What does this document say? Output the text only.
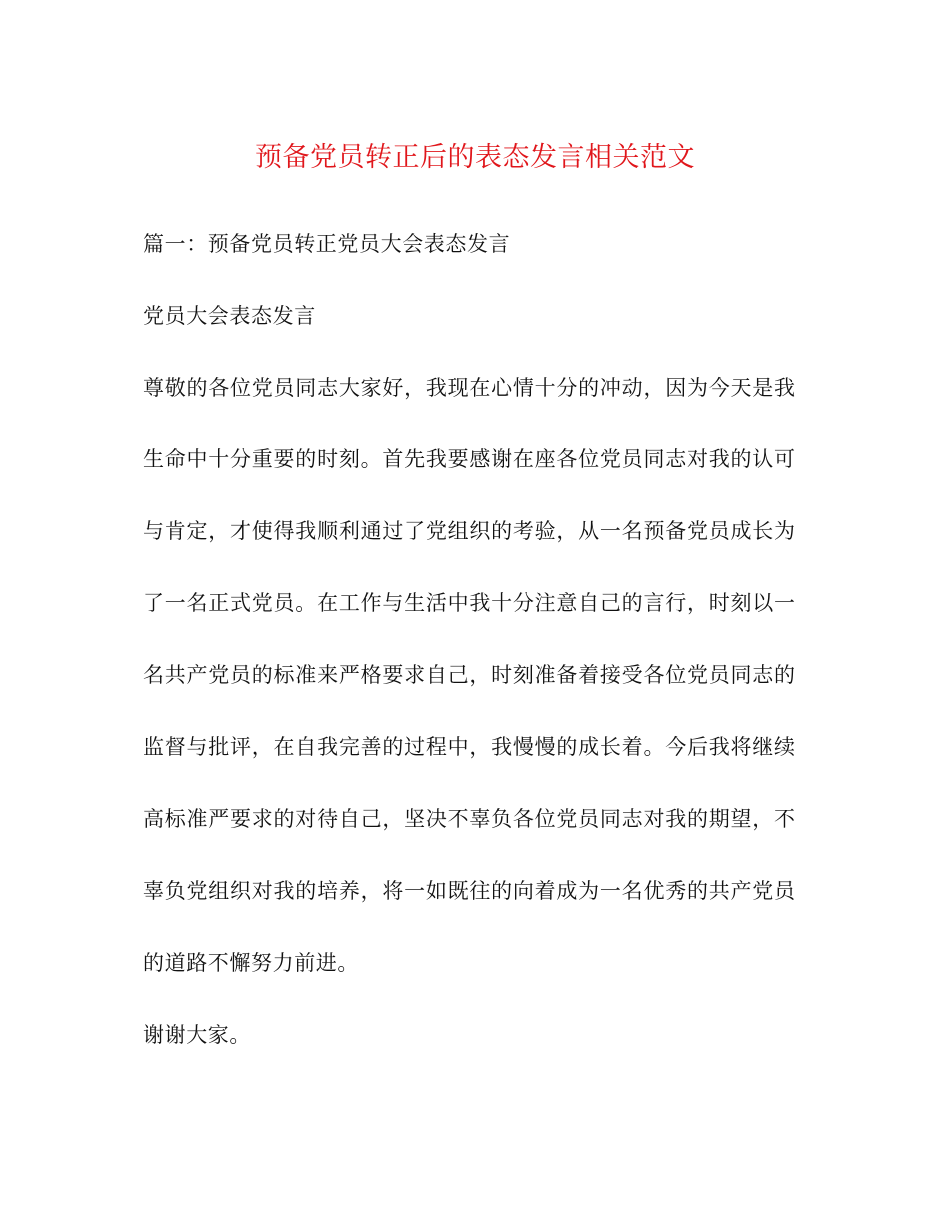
预备党员转正后的表态发言相关范文
篇一：预备党员转正党员大会表态发言
党员大会表态发言
尊敬的各位党员同志大家好，我现在心情十分的冲动，因为今天是我
生命中十分重要的时刻。首先我要感谢在座各位党员同志对我的认可
与肯定，才使得我顺利通过了党组织的考验，从一名预备党员成长为
了一名正式党员。在工作与生活中我十分注意自己的言行，时刻以一
名共产党员的标准来严格要求自己，时刻准备着接受各位党员同志的
监督与批评，在自我完善的过程中，我慢慢的成长着。今后我将继续
高标准严要求的对待自己，坚决不辜负各位党员同志对我的期望，不
辜负党组织对我的培养，将一如既往的向着成为一名优秀的共产党员
的道路不懈努力前进。
谢谢大家。
